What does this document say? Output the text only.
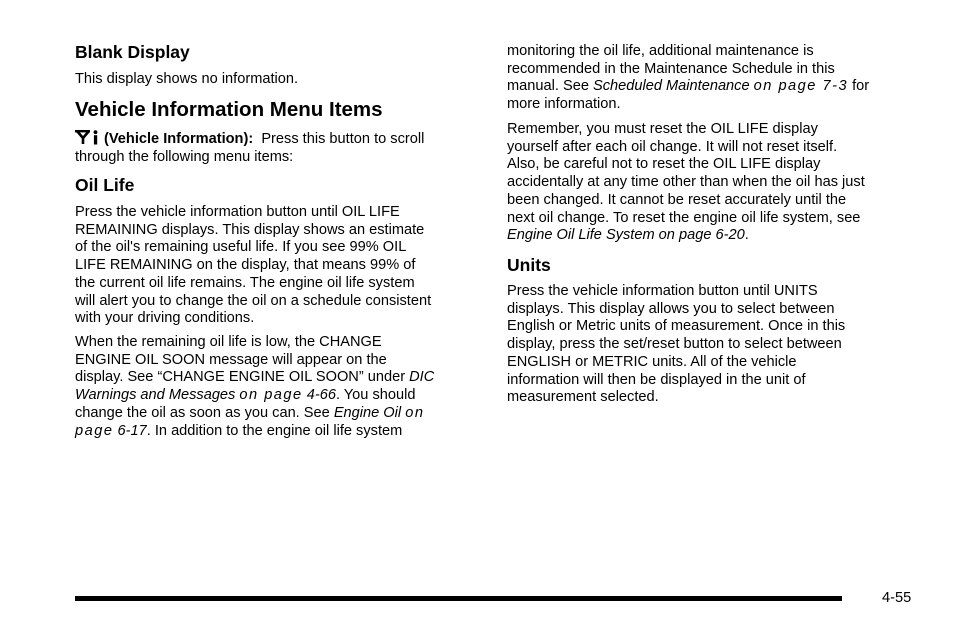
Blank Display
This display shows no information.
Vehicle Information Menu Items
(Vehicle Information): Press this button to scroll
through the following menu items:
Oil Life
Press the vehicle information button until OIL LIFE
REMAINING displays. This display shows an estimate
of the oil's remaining useful life. If you see 99% OIL
LIFE REMAINING on the display, that means 99% of
the current oil life remains. The engine oil life system
will alert you to change the oil on a schedule consistent
with your driving conditions.
When the remaining oil life is low, the CHANGE
ENGINE OIL SOON message will appear on the
display. See “CHANGE ENGINE OIL SOON” under DIC
Warnings and Messages on page 4-66. You should
change the oil as soon as you can. See Engine Oil on
page 6-17. In addition to the engine oil life system
monitoring the oil life, additional maintenance is
recommended in the Maintenance Schedule in this
manual. See Scheduled Maintenance on page 7-3 for
more information.
Remember, you must reset the OIL LIFE display
yourself after each oil change. It will not reset itself.
Also, be careful not to reset the OIL LIFE display
accidentally at any time other than when the oil has just
been changed. It cannot be reset accurately until the
next oil change. To reset the engine oil life system, see
Engine Oil Life System on page 6-20.
Units
Press the vehicle information button until UNITS
displays. This display allows you to select between
English or Metric units of measurement. Once in this
display, press the set/reset button to select between
ENGLISH or METRIC units. All of the vehicle
information will then be displayed in the unit of
measurement selected.
4-55
